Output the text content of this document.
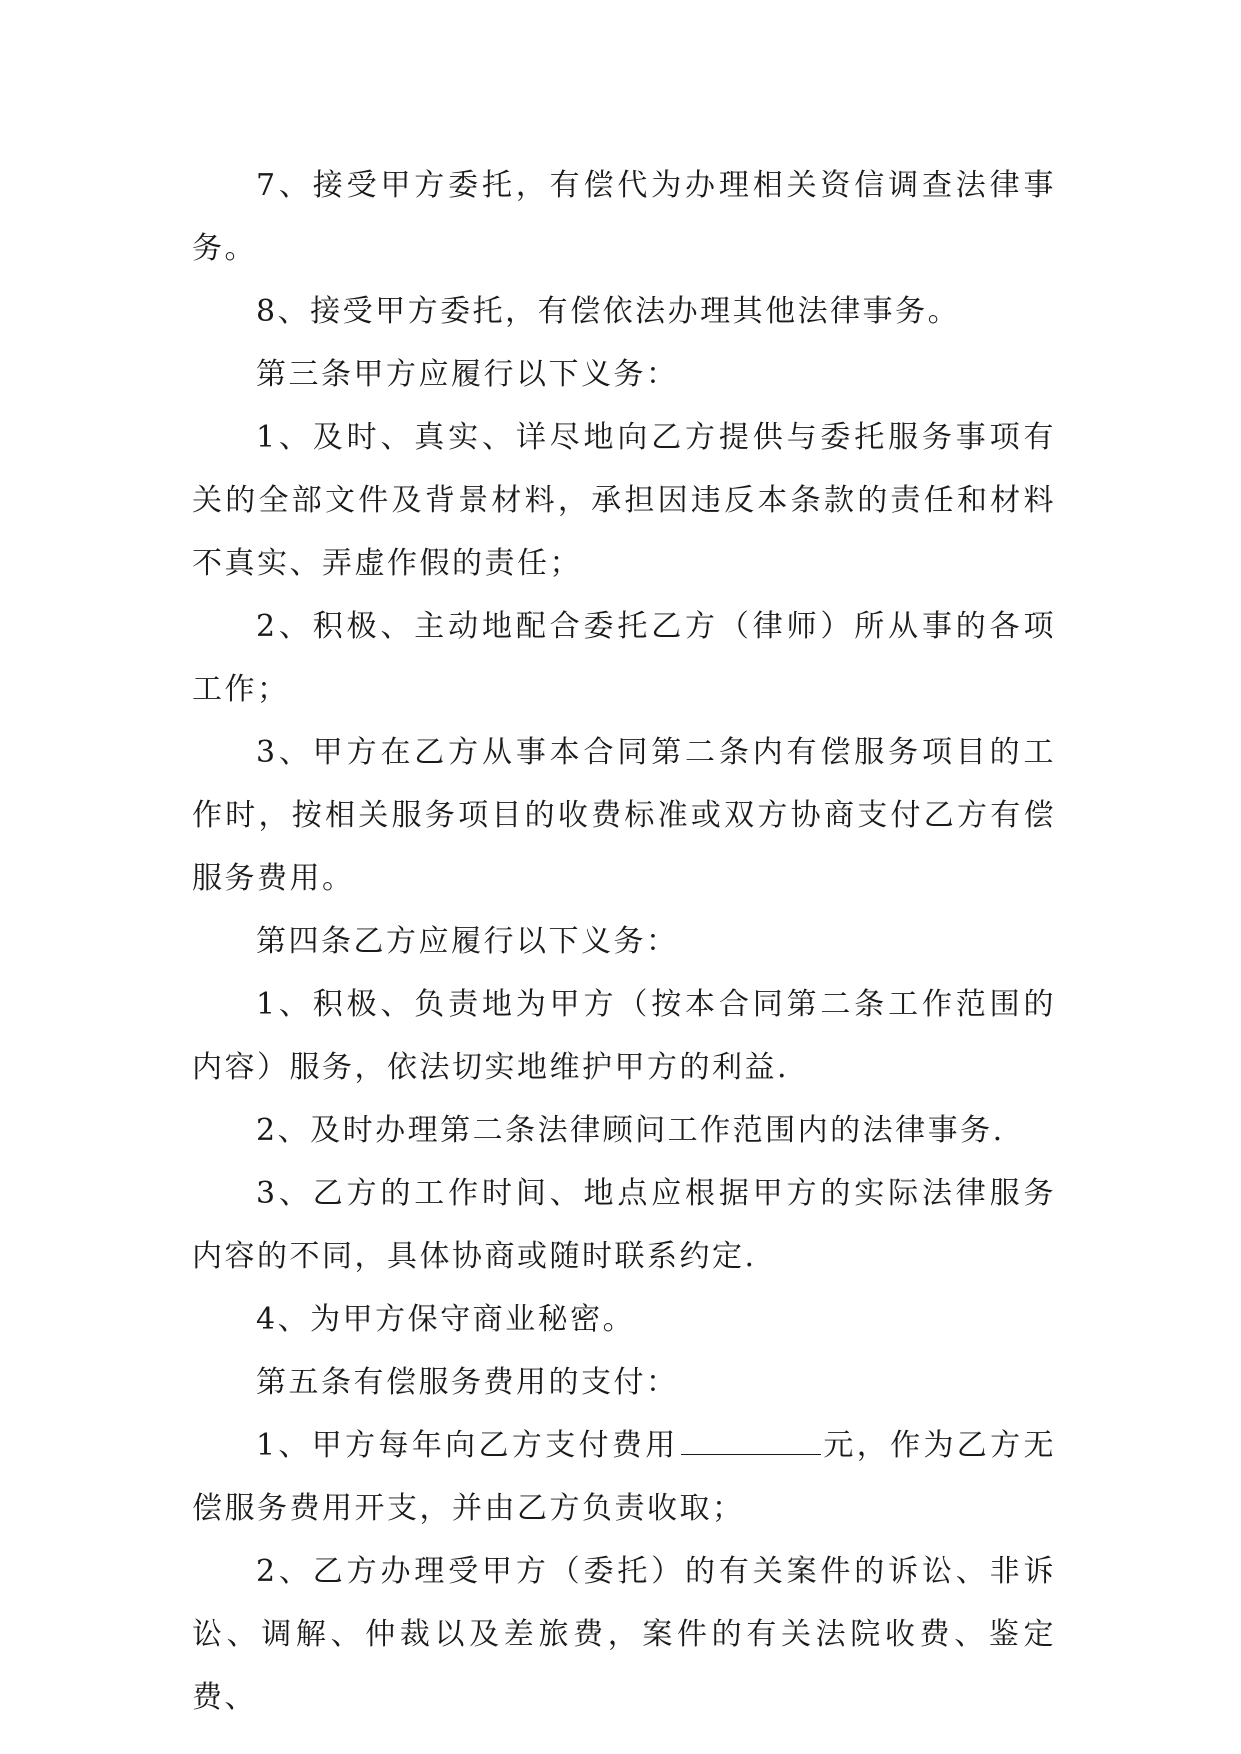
7、接受甲方委托，有偿代为办理相关资信调查法律事务。

8、接受甲方委托，有偿依法办理其他法律事务。

第三条甲方应履行以下义务：

1、及时、真实、详尽地向乙方提供与委托服务事项有关的全部文件及背景材料，承担因违反本条款的责任和材料不真实、弄虚作假的责任；

2、积极、主动地配合委托乙方（律师）所从事的各项工作；

3、甲方在乙方从事本合同第二条内有偿服务项目的工作时，按相关服务项目的收费标准或双方协商支付乙方有偿服务费用。

第四条乙方应履行以下义务：

1、积极、负责地为甲方（按本合同第二条工作范围的内容）服务，依法切实地维护甲方的利益.

2、及时办理第二条法律顾问工作范围内的法律事务.

3、乙方的工作时间、地点应根据甲方的实际法律服务内容的不同，具体协商或随时联系约定.

4、为甲方保守商业秘密。

第五条有偿服务费用的支付：

1、甲方每年向乙方支付费用	元，作为乙方无偿服务费用开支，并由乙方负责收取；

2、乙方办理受甲方（委托）的有关案件的诉讼、非诉讼、调解、仲裁以及差旅费，案件的有关法院收费、鉴定费、
